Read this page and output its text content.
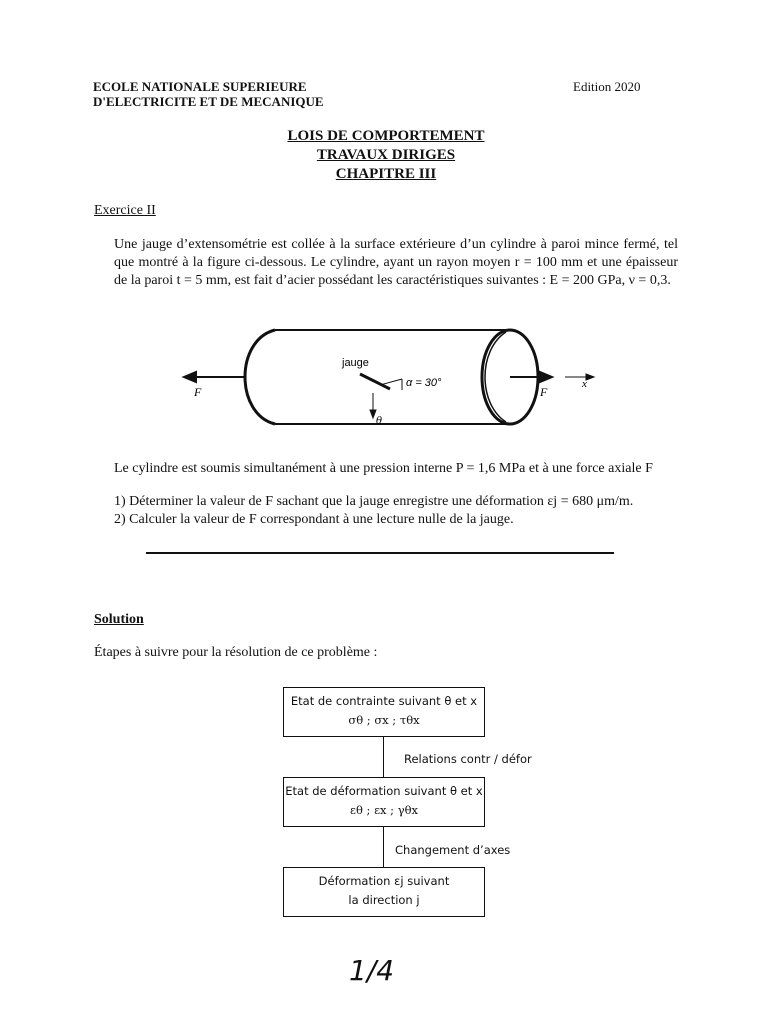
ECOLE NATIONALE SUPERIEURE
D'ELECTRICITE ET DE MECANIQUE
Edition 2020
LOIS DE COMPORTEMENT
TRAVAUX DIRIGES
CHAPITRE III
Exercice II
Une jauge d’extensométrie est collée à la surface extérieure d’un cylindre à paroi mince fermé, tel que montré à la figure ci-dessous. Le cylindre, ayant un rayon moyen r = 100 mm et une épaisseur de la paroi t = 5 mm, est fait d’acier possédant les caractéristiques suivantes : E = 200 GPa, ν = 0,3.
jauge
α = 30°
F	F
x
θ
Le cylindre est soumis simultanément à une pression interne P = 1,6 MPa et à une force axiale F
1) Déterminer la valeur de F sachant que la jauge enregistre une déformation εj = 680 μm/m.
2) Calculer la valeur de F correspondant à une lecture nulle de la jauge.
Solution
Étapes à suivre pour la résolution de ce problème :
Etat de contrainte suivant θ et x
σθ ; σx ; τθx
Relations contr / défor
Etat de déformation suivant θ et x
εθ ; εx ; γθx
Changement d’axes
Déformation εj suivant
la direction j
1/4
